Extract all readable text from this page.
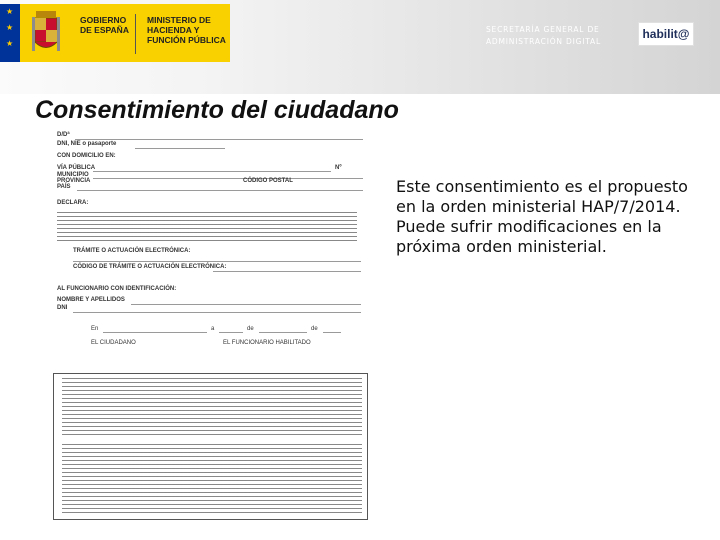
★
★
★
GOBIERNO DE ESPAÑA
MINISTERIO DE HACIENDA Y FUNCIÓN PÚBLICA
SECRETARÍA GENERAL DE ADMINISTRACIÓN DIGITAL
habilit@
Consentimiento del ciudadano
D/Dª
DNI, NIE o pasaporte
CON DOMICILIO EN:
VÍA PÚBLICA	Nº
MUNICIPIO
PROVINCIA	CÓDIGO POSTAL
PAÍS
DECLARA:
TRÁMITE O ACTUACIÓN ELECTRÓNICA:
CÓDIGO DE TRÁMITE O ACTUACIÓN ELECTRÓNICA:
AL FUNCIONARIO CON IDENTIFICACIÓN:
NOMBRE Y APELLIDOS
DNI
En	a	de	de
EL CIUDADANO	EL FUNCIONARIO HABILITADO
Este consentimiento es el propuesto en la orden ministerial HAP/7/2014. Puede sufrir modificaciones en la próxima orden ministerial.
